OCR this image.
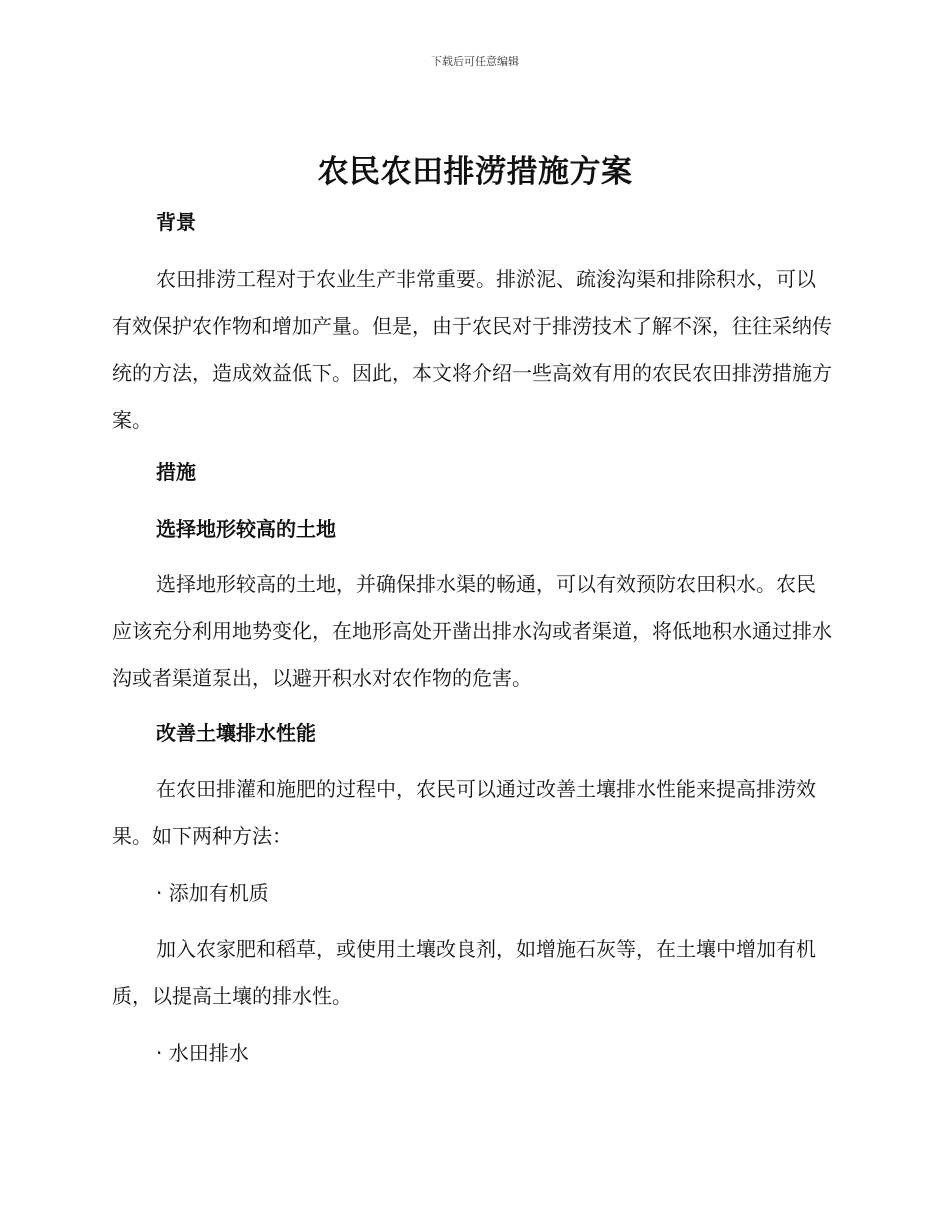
下载后可任意编辑
农民农田排涝措施方案
背景

农田排涝工程对于农业生产非常重要。排淤泥、疏浚沟渠和排除积水，可以有效保护农作物和增加产量。但是，由于农民对于排涝技术了解不深，往往采纳传统的方法，造成效益低下。因此，本文将介绍一些高效有用的农民农田排涝措施方案。

措施
选择地形较高的土地

选择地形较高的土地，并确保排水渠的畅通，可以有效预防农田积水。农民应该充分利用地势变化，在地形高处开凿出排水沟或者渠道，将低地积水通过排水沟或者渠道泵出，以避开积水对农作物的危害。

改善土壤排水性能

在农田排灌和施肥的过程中，农民可以通过改善土壤排水性能来提高排涝效果。如下两种方法：

· 添加有机质

加入农家肥和稻草，或使用土壤改良剂，如增施石灰等，在土壤中增加有机质，以提高土壤的排水性。

· 水田排水
